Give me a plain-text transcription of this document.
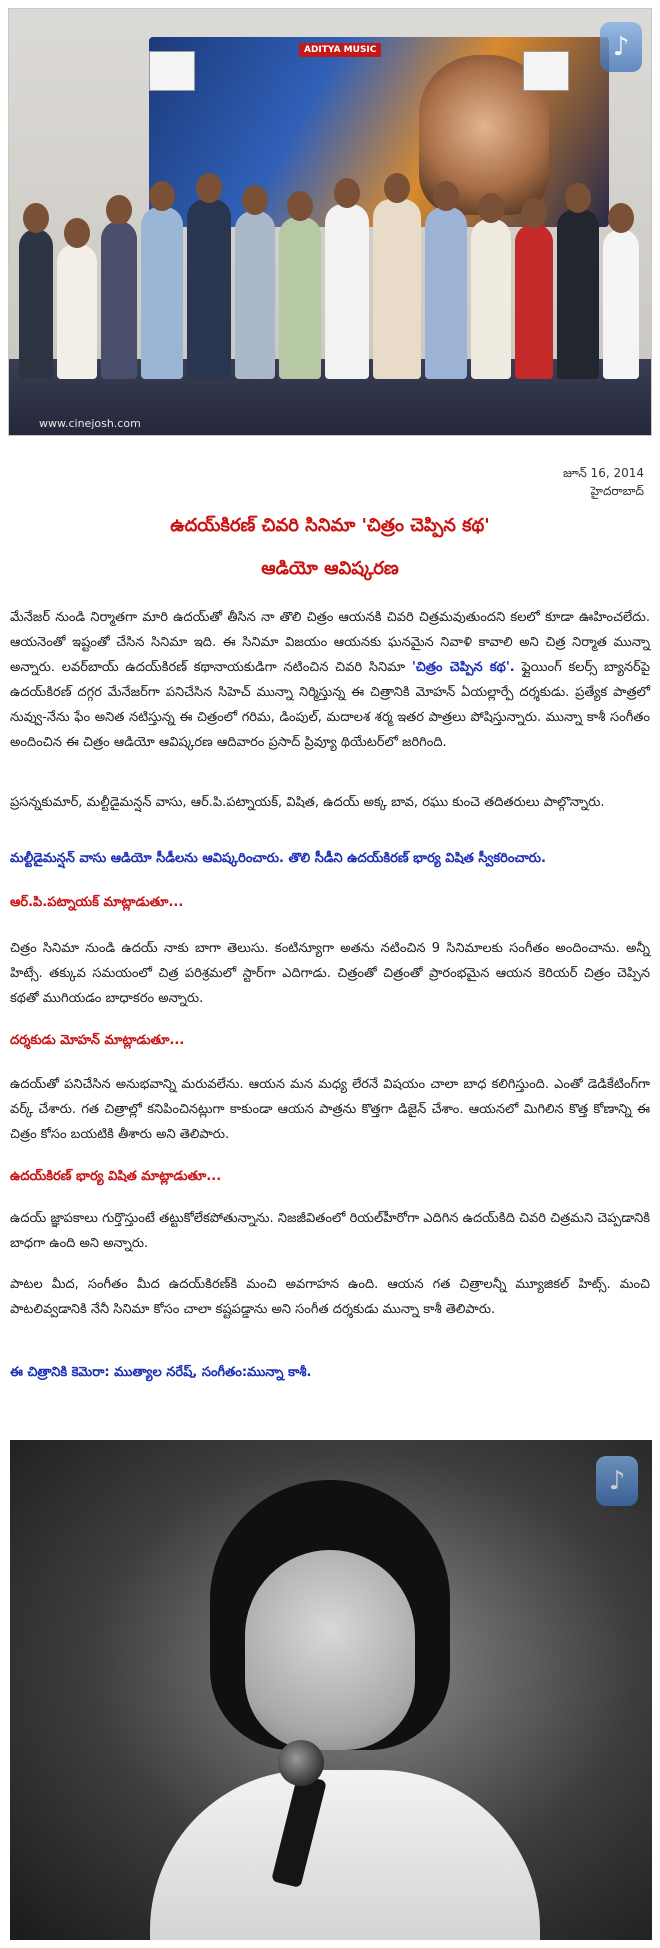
ADITYA MUSIC
www.cinejosh.com
♪
జూన్ 16, 2014
హైదరాబాద్
ఉదయ్‌కిరణ్ చివరి సినిమా 'చిత్రం చెప్పిన కథ'
ఆడియో ఆవిష్కరణ
మేనేజర్ నుండి నిర్మాతగా మారి ఉదయ్‌తో తీసిన నా తొలి చిత్రం ఆయనకి చివరి చిత్రమవుతుందని కలలో కూడా ఊహించలేదు. ఆయనెంతో ఇష్టంతో చేసిన సినిమా ఇది. ఈ సినిమా విజయం ఆయనకు ఘనమైన నివాళి కావాలి అని చిత్ర నిర్మాత మున్నా అన్నారు. లవర్‌బాయ్ ఉదయ్‌కిరణ్ కథానాయకుడిగా నటించిన చివరి సినిమా 'చిత్రం చెప్పిన కథ'. ఫ్లైయింగ్ కలర్స్ బ్యానర్‌పై ఉదయ్‌కిరణ్ దగ్గర మేనేజర్‌గా పనిచేసిన సిహెచ్ మున్నా నిర్మిస్తున్న ఈ చిత్రానికి మోహన్ ఏయల్లార్పే దర్శకుడు. ప్రత్యేక పాత్రలో నువ్వు-నేను ఫేం అనిత నటిస్తున్న ఈ చిత్రంలో గరిమ, డింపుల్, మదాలశ శర్మ ఇతర పాత్రలు పోషిస్తున్నారు. మున్నా కాశీ సంగీతం అందించిన ఈ చిత్రం ఆడియో ఆవిష్కరణ ఆదివారం ప్రసాద్ ప్రివ్యూ థియేటర్‌లో జరిగింది.
ప్రసన్నకుమార్, మల్టీడైమన్షన్ వాసు, ఆర్.పి.పట్నాయక్, విషిత, ఉదయ్ అక్క బావ, రఘు కుంచె తదితరులు పాల్గొన్నారు.
మల్టీడైమన్షన్ వాసు ఆడియో సీడీలను ఆవిష్కరించారు. తొలి సీడీని ఉదయ్‌కిరణ్ భార్య విషిత స్వీకరించారు.
ఆర్.పి.పట్నాయక్ మాట్లాడుతూ...
చిత్రం సినిమా నుండి ఉదయ్ నాకు బాగా తెలుసు. కంటిన్యూగా అతను నటించిన 9 సినిమాలకు సంగీతం అందించాను. అన్నీ హిట్సే. తక్కువ సమయంలో చిత్ర పరిశ్రమలో స్టార్‌గా ఎదిగాడు. చిత్రంతో చిత్రంతో ప్రారంభమైన ఆయన కెరియర్ చిత్రం చెప్పిన కథతో ముగియడం బాధాకరం అన్నారు.
దర్శకుడు మోహన్ మాట్లాడుతూ...
ఉదయ్‌తో పనిచేసిన అనుభవాన్ని మరువలేను. ఆయన మన మధ్య లేరనే విషయం చాలా బాధ కలిగిస్తుంది. ఎంతో డెడికేటింగ్‌గా వర్క్ చేశారు. గత చిత్రాల్లో కనిపించినట్లుగా కాకుండా ఆయన పాత్రను కొత్తగా డిజైన్ చేశాం. ఆయనలో మిగిలిన కొత్త కోణాన్ని ఈ చిత్రం కోసం బయటికి తీశారు అని తెలిపారు.
ఉదయ్‌కిరణ్ భార్య విషిత మాట్లాడుతూ...
ఉదయ్ జ్ఞాపకాలు గుర్తొస్తుంటే తట్టుకోలేకపోతున్నాను. నిజజీవితంలో రియల్‌హీరోగా ఎదిగిన ఉదయ్‌కిది చివరి చిత్రమని చెప్పడానికి బాధగా ఉంది అని అన్నారు.
పాటల మీద, సంగీతం మీద ఉదయ్‌కిరణ్‌కి మంచి అవగాహన ఉంది. ఆయన గత చిత్రాలన్నీ మ్యూజికల్ హిట్స్. మంచి పాటలివ్వడానికి నేనీ సినిమా కోసం చాలా కష్టపడ్డాను అని సంగీత దర్శకుడు మున్నా కాశీ తెలిపారు.
ఈ చిత్రానికి కెమెరా: ముత్యాల నరేష్, సంగీతం:మున్నా కాశీ.
♪
